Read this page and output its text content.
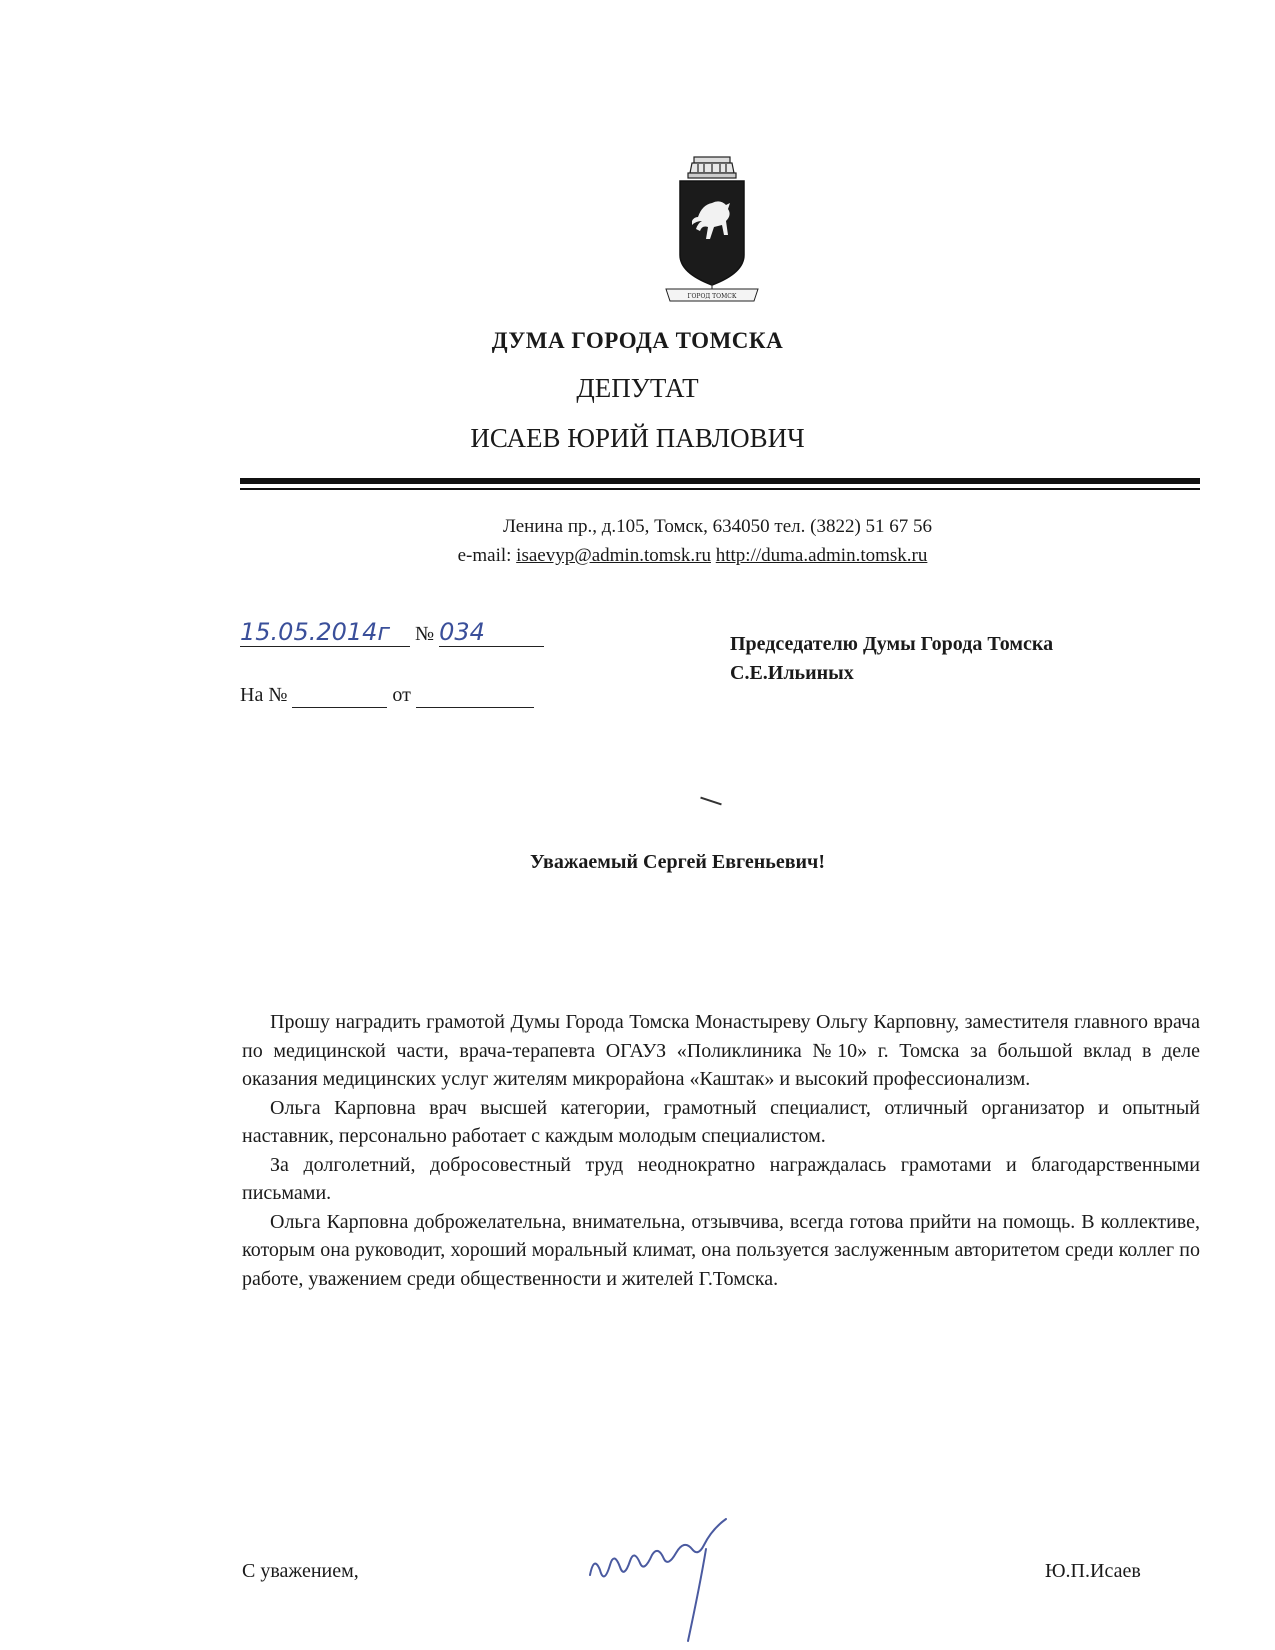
ГОРОД ТОМСК
ДУМА ГОРОДА ТОМСКА
ДЕПУТАТ
ИСАЕВ ЮРИЙ ПАВЛОВИЧ
Ленина пр., д.105, Томск, 634050 тел. (3822) 51 67 56
e-mail: isaevyp@admin.tomsk.ru http://duma.admin.tomsk.ru
15.05.2014г № 034
На №	от
Председателю Думы Города Томска
С.Е.Ильиных
Уважаемый Сергей Евгеньевич!

Прошу наградить грамотой Думы Города Томска Монастыреву Ольгу Карповну, заместителя главного врача по медицинской части, врача-терапевта ОГАУЗ «Поликлиника №10» г. Томска за большой вклад в деле оказания медицинских услуг жителям микрорайона «Каштак» и высокий профессионализм.

Ольга Карповна врач высшей категории, грамотный специалист, отличный организатор и опытный наставник, персонально работает с каждым молодым специалистом.

За долголетний, добросовестный труд неоднократно награждалась грамотами и благодарственными письмами.

Ольга Карповна доброжелательна, внимательна, отзывчива, всегда готова прийти на помощь. В коллективе, которым она руководит, хороший моральный климат, она пользуется заслуженным авторитетом среди коллег по работе, уважением среди общественности и жителей Г.Томска.

С уважением,	Ю.П.Исаев
